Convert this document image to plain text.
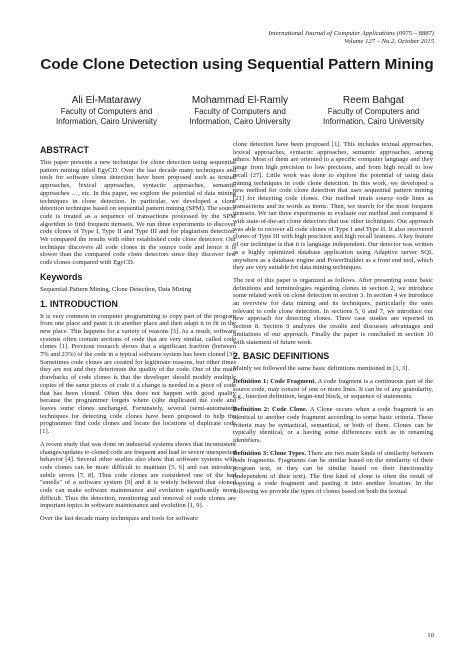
International Journal of Computer Applications (0975 – 8887)
Volume 127 – No.2, October 2015
Code Clone Detection using Sequential Pattern Mining
Ali El-Matarawy
Faculty of Computers and
Information, Cairo University
Mohammad El-Ramly
Faculty of Computers and
Information, Cairo University
Reem Bahgat
Faculty of Computers and
Information, Cairo University
ABSTRACT

This paper presents a new technique for clone detection using sequential pattern mining titled EgyCD. Over the last decade many techniques and tools for software clone detection have been proposed such as textual approaches, lexical approaches, syntactic approaches, semantic approaches …, etc. In this paper, we explore the potential of data mining techniques in clone detection. In particular, we developed a clone detection technique based on sequential pattern mining (SPM). The source code is treated as a sequence of transactions processed by the SPM algorithm to find frequent itemsets. We run three experiments to discover code clones of Type I, Type II and Type III and for plagiarism detection. We compared the results with other established code clone detectors. Our technique discovers all code clones in the source code and hence it is slower than the compared code clone detectors since they discover few code clones compared with EgyCD.

Keywords

Sequential Pattern Mining, Clone Detection, Data Mining

1. INTRODUCTION

It is very common in computer programming to copy part of the program from one place and paste it in another place and then adapt it to fit in the new place. This happens for a variety of reasons [3]. As a result, software systems often contain sections of code that are very similar, called code clones [1]. Previous research shows that a significant fraction (between 7% and 23%) of the code in a typical software system has been cloned [3]. Sometimes code clones are created for legitimate reasons, but other times they are not and they deteriorate the quality of the code. One of the main drawbacks of code clones is that the developer should modify multiple copies of the same pieces of code if a change is needed in a piece of code that has been cloned. Often this does not happen with good quality because the programmer forgets where (s)he duplicated the code and leaves some clones unchanged. Fortunately, several (semi-automated) techniques for detecting code clones have been proposed to help the programmer find code clones and locate the locations of duplicate code [1].

A recent study that was done on industrial systems shows that inconsistent changes/updates to cloned code are frequent and lead to severe unexpected behavior [4]. Several other studies also show that software systems with code clones can be more difficult to maintain [5, 6] and can introduce subtle errors [7, 8]. Thus code clones are considered one of the bad "smells" of a software system [9] and it is widely believed that cloned code can make software maintenance and evolution significantly more difficult. Thus the detection, monitoring and removal of code clones are important topics in software maintenance and evolution [1, 9].

Over the last decade many techniques and tools for software

clone detection have been proposed [1]. This includes textual approaches, lexical approaches, syntactic approaches, semantic approaches, among others. Most of them are oriented to a specific computer language and they range from high precision to low precision, and from high recall to low recall [27]. Little work was done to explore the potential of using data mining techniques in code clone detection. In this work, we developed a new method for code clone detection that uses sequential pattern mining [21] for detecting code clones. Our method treats source code lines as transactions and its words as items. Then, we search for the most frequent itemsets. We ran three experiments to evaluate our method and compared it with state-of-the-art clone detectors that use other techniques. Our approach was able to recover all code clones of Type I and Type II. It also recovered clones of Type III with high precision and high recall features. A key feature of our technique is that it is language independent. Our detector was written as a highly optimized database application using Adaptive server SQL anywhere as a database engine and PowerBuilder as a front end tool, which they are very suitable for data mining techniques.

The rest of this paper is organized as follows. After presenting some basic definitions and terminologies regarding clones in section 2, we introduce some related work on clone detection in section 3. In section 4 we introduce an overview for data mining and its techniques, particularly the ones relevant to code clone detection. In sections 5, 6 and 7, we introduce our new approach for detecting clones. Three case studies are reported in section 8. Section 9 analyzes the results and discusses advantages and limitations of our approach. Finally the paper is concluded in section 10 with statement of future work.

2. BASIC DEFINITIONS

Mainly we followed the same basic definitions mentioned in [1, 3].

Definition 1: Code Fragment. A code fragment is a continuous part of the source code, may consist of one or more lines. It can be of any granularity, e.g., function definition, begin-end block, or sequence of statements.

Definition 2: Code Clone. A Clone occurs when a code fragment is an identical to another code fragment according to some basic criteria. These criteria may be syntactical, semantical, or both of them. Clones can be typically identical, or a having some differences such as in renaming identifiers.

Definition 3: Clone Types. There are two main kinds of similarity between code fragments. Fragments can be similar based on the similarity of their program text, or they can be similar based on their functionality (independent of their text). The first kind of clone is often the result of copying a code fragment and pasting it into another location. In the following we provide the types of clones based on both the textual

10
